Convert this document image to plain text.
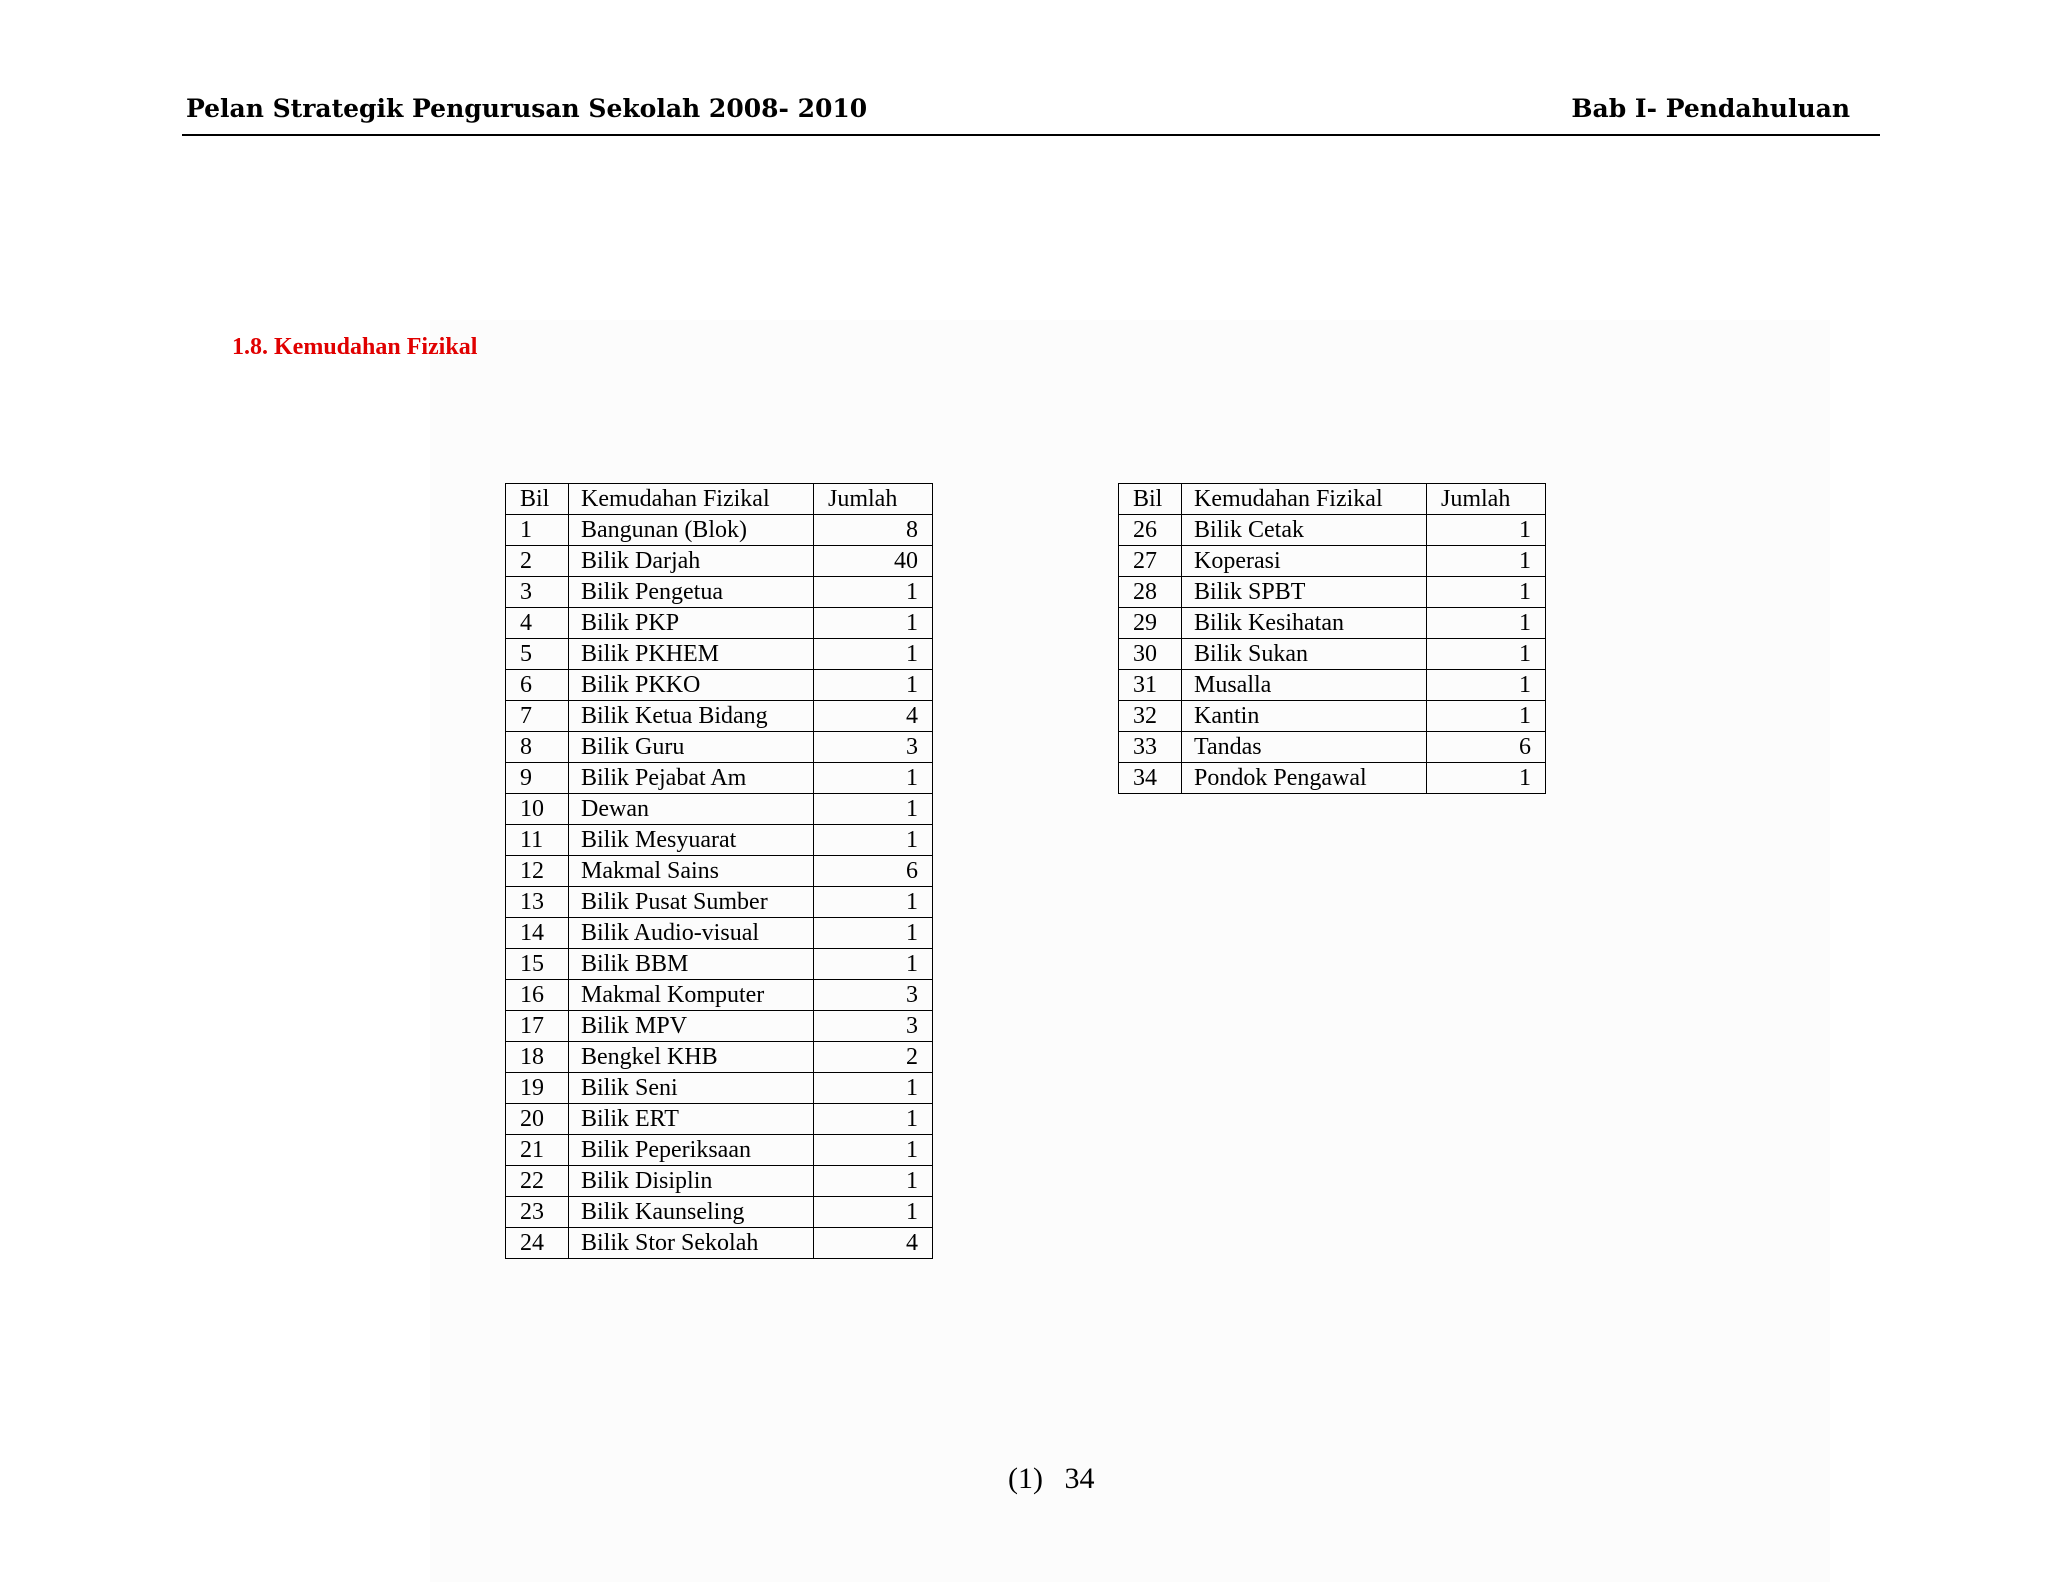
Pelan Strategik Pengurusan Sekolah 2008- 2010	Bab I- Pendahuluan
1.8. Kemudahan Fizikal
Bil	Kemudahan Fizikal	Jumlah
1	Bangunan (Blok)	8
2	Bilik Darjah	40
3	Bilik Pengetua	1
4	Bilik PKP	1
5	Bilik PKHEM	1
6	Bilik PKKO	1
7	Bilik Ketua Bidang	4
8	Bilik Guru	3
9	Bilik Pejabat Am	1
10	Dewan	1
11	Bilik Mesyuarat	1
12	Makmal Sains	6
13	Bilik Pusat Sumber	1
14	Bilik Audio-visual	1
15	Bilik BBM	1
16	Makmal Komputer	3
17	Bilik MPV	3
18	Bengkel KHB	2
19	Bilik Seni	1
20	Bilik ERT	1
21	Bilik Peperiksaan	1
22	Bilik Disiplin	1
23	Bilik Kaunseling	1
24	Bilik Stor Sekolah	4
Bil	Kemudahan Fizikal	Jumlah
26	Bilik Cetak	1
27	Koperasi	1
28	Bilik SPBT	1
29	Bilik Kesihatan	1
30	Bilik Sukan	1
31	Musalla	1
32	Kantin	1
33	Tandas	6
34	Pondok Pengawal	1
(1) 34
